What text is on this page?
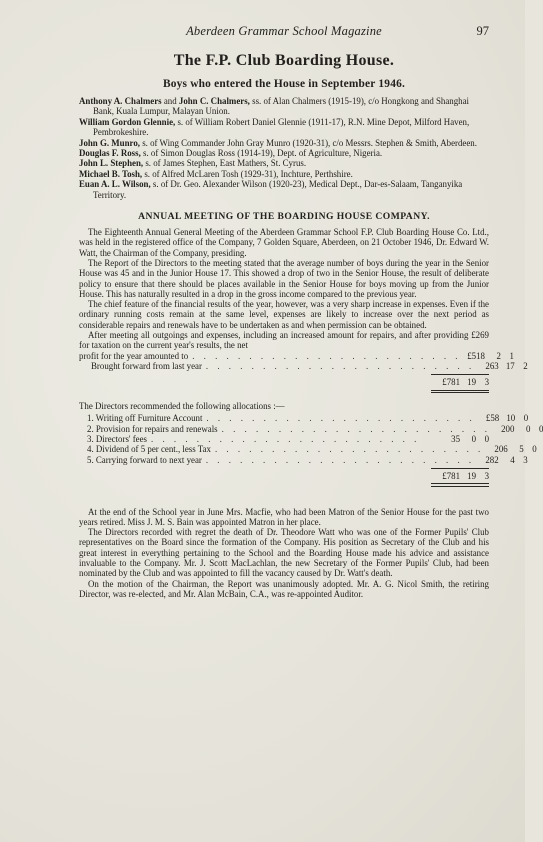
Aberdeen Grammar School Magazine	97
The F.P. Club Boarding House.
Boys who entered the House in September 1946.

Anthony A. Chalmers and John C. Chalmers, ss. of Alan Chalmers (1915-19), c/o Hongkong and Shanghai Bank, Kuala Lumpur, Malayan Union.

William Gordon Glennie, s. of William Robert Daniel Glennie (1911-17), R.N. Mine Depot, Milford Haven, Pembrokeshire.

John G. Munro, s. of Wing Commander John Gray Munro (1920-31), c/o Messrs. Stephen & Smith, Aberdeen.

Douglas F. Ross, s. of Simon Douglas Ross (1914-19), Dept. of Agriculture, Nigeria.

John L. Stephen, s. of James Stephen, East Mathers, St. Cyrus.

Michael B. Tosh, s. of Alfred McLaren Tosh (1929-31), Inchture, Perthshire.

Euan A. L. Wilson, s. of Dr. Geo. Alexander Wilson (1920-23), Medical Dept., Dar-es-Salaam, Tanganyika Territory.

ANNUAL MEETING OF THE BOARDING HOUSE COMPANY.

The Eighteenth Annual General Meeting of the Aberdeen Grammar School F.P. Club Boarding House Co. Ltd., was held in the registered office of the Company, 7 Golden Square, Aberdeen, on 21 October 1946, Dr. Edward W. Watt, the Chairman of the Company, presiding.

The Report of the Directors to the meeting stated that the average number of boys during the year in the Senior House was 45 and in the Junior House 17. This showed a drop of two in the Senior House, the result of deliberate policy to ensure that there should be places available in the Senior House for boys moving up from the Junior House. This has naturally resulted in a drop in the gross income compared to the previous year.

The chief feature of the financial results of the year, however, was a very sharp increase in expenses. Even if the ordinary running costs remain at the same level, expenses are likely to increase over the next period as considerable repairs and renewals have to be undertaken as and when permission can be obtained.

After meeting all outgoings and expenses, including an increased amount for repairs, and after providing £269 for taxation on the current year's results, the net

profit for the year amounted to . . . . . . . . . . . . . . . . . . . . . . . . £518	2 1
Brought forward from last year . . . . . . . . . . . . . . . . . . . . . . . .	263 17 2
£781 19 3

The Directors recommended the following allocations :—

1. Writing off Furniture Account . . . . . . . . . . . . . . . . . . . . . . . .	£58 10 0
2. Provision for repairs and renewals . . . . . . . . . . . . . . . . . . . . . . . .	200	0 0
3. Directors' fees . . . . . . . . . . . . . . . . . . . . . . . .	35	0 0
4. Dividend of 5 per cent., less Tax . . . . . . . . . . . . . . . . . . . . . . . .	206	5 0
5. Carrying forward to next year . . . . . . . . . . . . . . . . . . . . . . . .	282	4 3
£781 19 3

At the end of the School year in June Mrs. Macfie, who had been Matron of the Senior House for the past two years retired. Miss J. M. S. Bain was appointed Matron in her place.

The Directors recorded with regret the death of Dr. Theodore Watt who was one of the Former Pupils' Club representatives on the Board since the formation of the Company. His position as Secretary of the Club and his great interest in everything pertaining to the School and the Boarding House made his advice and assistance invaluable to the Company. Mr. J. Scott MacLachlan, the new Secretary of the Former Pupils' Club, had been nominated by the Club and was appointed to fill the vacancy caused by Dr. Watt's death.

On the motion of the Chairman, the Report was unanimously adopted. Mr. A. G. Nicol Smith, the retiring Director, was re-elected, and Mr. Alan McBain, C.A., was re-appointed Auditor.
